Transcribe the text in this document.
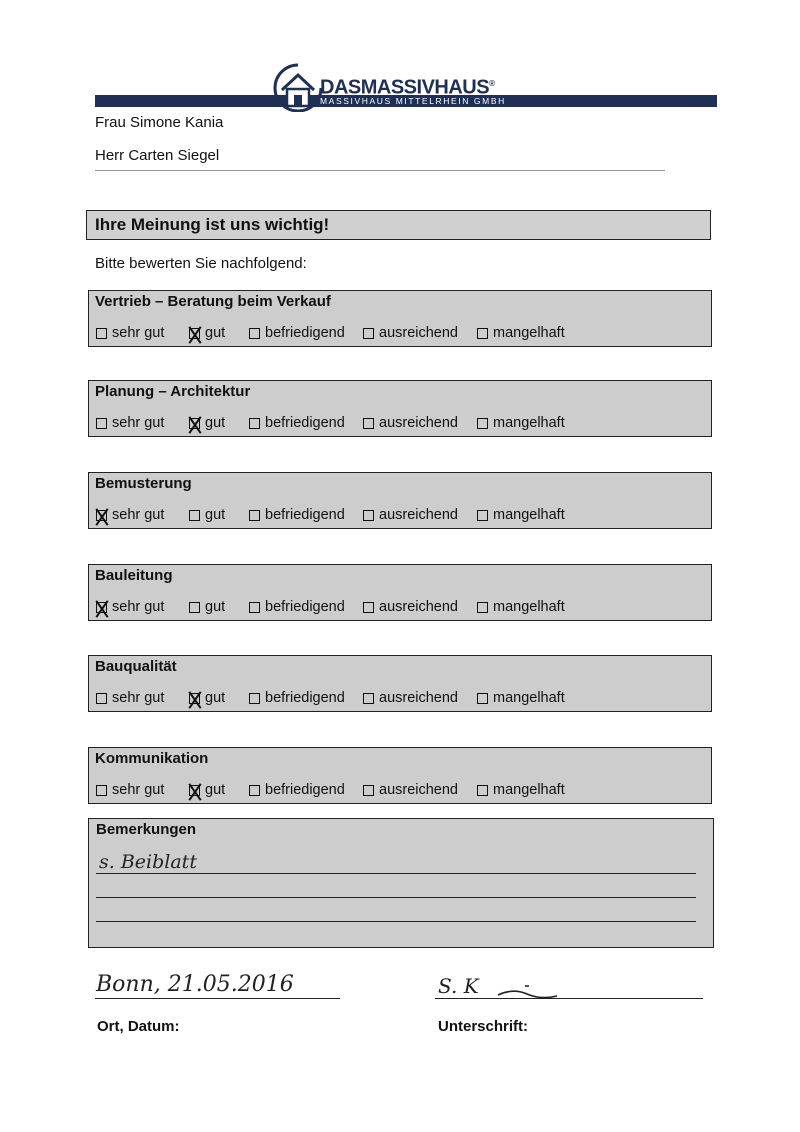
DASMASSIVHAUS®
MASSIVHAUS MITTELRHEIN GMBH
Frau Simone Kania
Herr Carten Siegel
Ihre Meinung ist uns wichtig!
Bitte bewerten Sie nachfolgend:
Vertrieb – Beratung beim Verkauf
sehr gut	gut	befriedigend ausreichend mangelhaft
Planung – Architektur
sehr gut	gut	befriedigend ausreichend mangelhaft
Bemusterung
sehr gut	gut	befriedigend ausreichend mangelhaft
Bauleitung
sehr gut	gut	befriedigend ausreichend mangelhaft
Bauqualität
sehr gut	gut	befriedigend ausreichend mangelhaft
Kommunikation
sehr gut	gut	befriedigend ausreichend mangelhaft
Bemerkungen
s. Beiblatt
Bonn, 21.05.2016
Ort, Datum:
S. K
Unterschrift:
